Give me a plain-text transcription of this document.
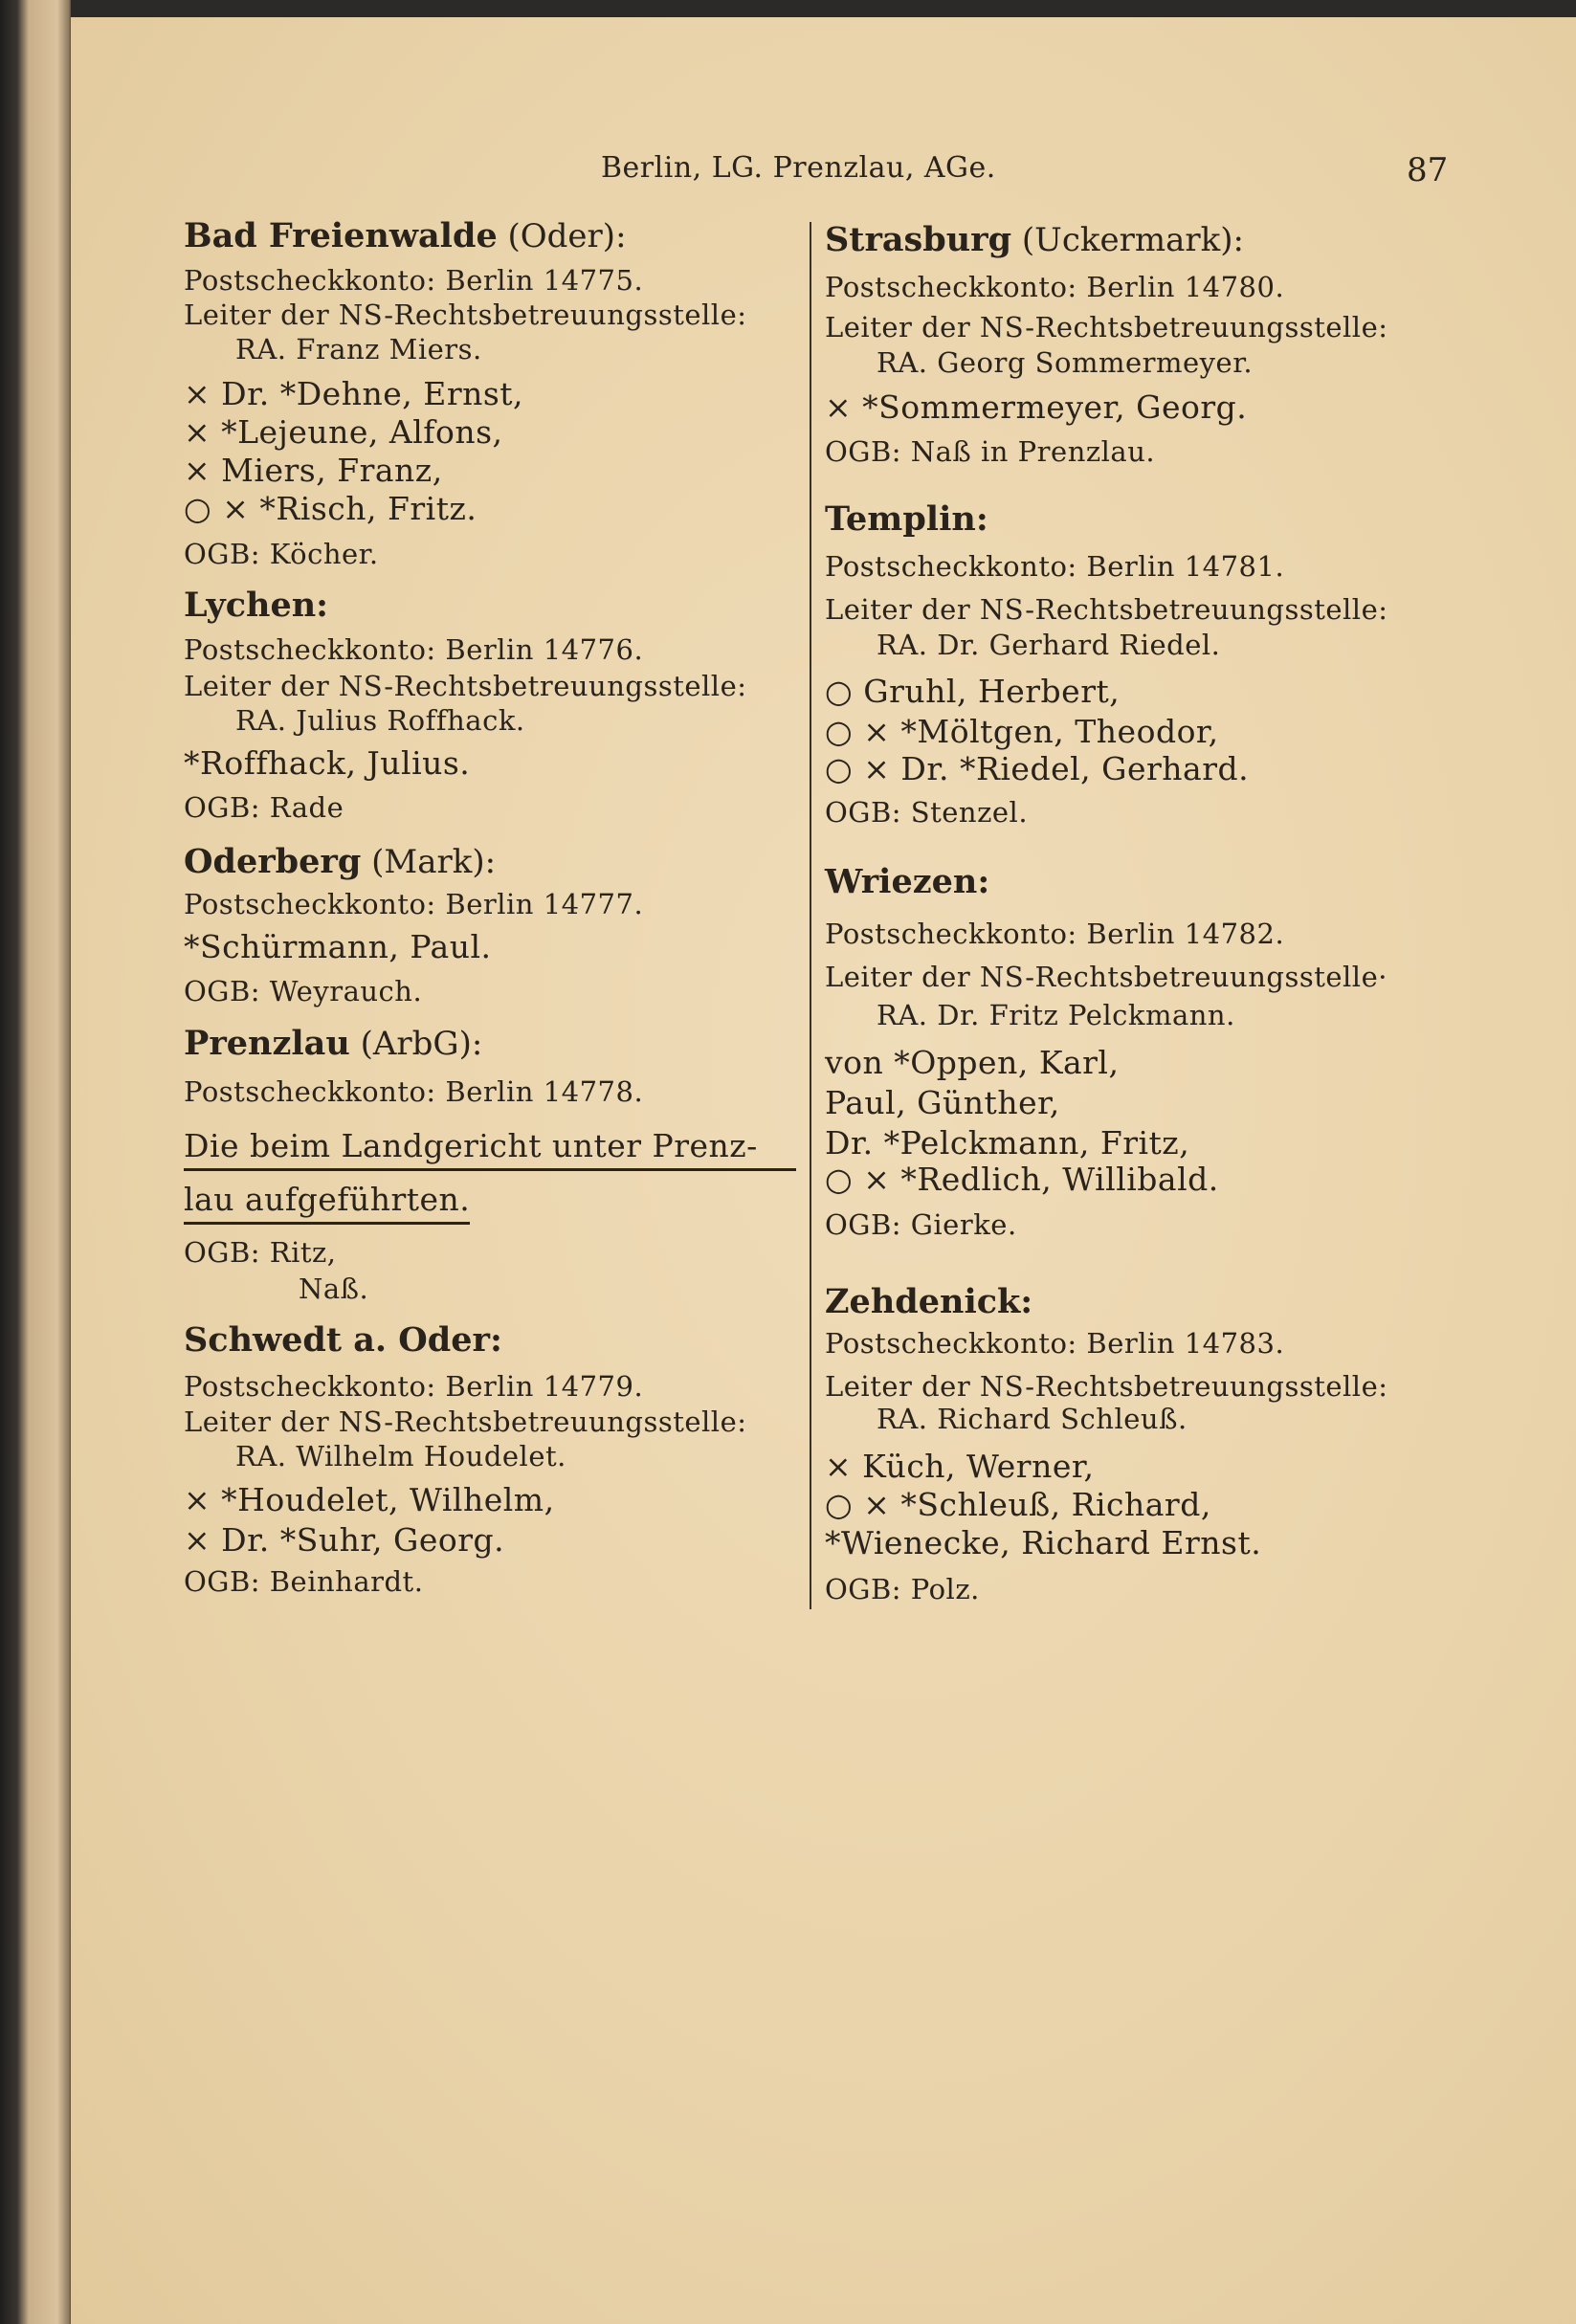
Berlin, LG. Prenzlau, AGe.	87
Bad Freienwalde (Oder):
Postscheckkonto: Berlin 14775.
Leiter der NS-Rechtsbetreuungsstelle:
RA. Franz Miers.
× Dr. *Dehne, Ernst,
× *Lejeune, Alfons,
× Miers, Franz,
○ × *Risch, Fritz.
OGB: Köcher.
Lychen:
Postscheckkonto: Berlin 14776.
Leiter der NS-Rechtsbetreuungsstelle:
RA. Julius Roffhack.
*Roffhack, Julius.
OGB: Rade
Oderberg (Mark):
Postscheckkonto: Berlin 14777.
*Schürmann, Paul.
OGB: Weyrauch.
Prenzlau (ArbG):
Postscheckkonto: Berlin 14778.
Die beim Landgericht unter Prenz-
lau aufgeführten.
OGB: Ritz,
Naß.
Schwedt a. Oder:
Postscheckkonto: Berlin 14779.
Leiter der NS-Rechtsbetreuungsstelle:
RA. Wilhelm Houdelet.
× *Houdelet, Wilhelm,
× Dr. *Suhr, Georg.
OGB: Beinhardt.
Strasburg (Uckermark):
Postscheckkonto: Berlin 14780.
Leiter der NS-Rechtsbetreuungsstelle:
RA. Georg Sommermeyer.
× *Sommermeyer, Georg.
OGB: Naß in Prenzlau.
Templin:
Postscheckkonto: Berlin 14781.
Leiter der NS-Rechtsbetreuungsstelle:
RA. Dr. Gerhard Riedel.
○ Gruhl, Herbert,
○ × *Möltgen, Theodor,
○ × Dr. *Riedel, Gerhard.
OGB: Stenzel.
Wriezen:
Postscheckkonto: Berlin 14782.
Leiter der NS-Rechtsbetreuungsstelle·
RA. Dr. Fritz Pelckmann.
von *Oppen, Karl,
Paul, Günther,
Dr. *Pelckmann, Fritz,
○ × *Redlich, Willibald.
OGB: Gierke.
Zehdenick:
Postscheckkonto: Berlin 14783.
Leiter der NS-Rechtsbetreuungsstelle:
RA. Richard Schleuß.
× Küch, Werner,
○ × *Schleuß, Richard,
*Wienecke, Richard Ernst.
OGB: Polz.
